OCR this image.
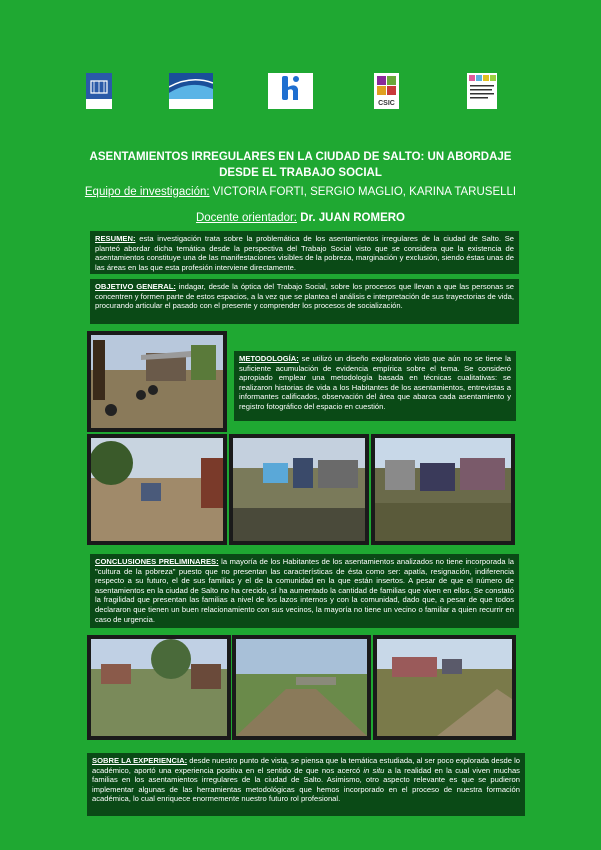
CSIC
ASENTAMIENTOS IRREGULARES EN LA CIUDAD DE SALTO: UN ABORDAJE
DESDE EL TRABAJO SOCIAL
Equipo de investigación: VICTORIA FORTI, SERGIO MAGLIO, KARINA TARUSELLI
Docente orientador: Dr. JUAN ROMERO
RESUMEN: esta investigación trata sobre la problemática de los asentamientos irregulares de la ciudad de Salto. Se planteó abordar dicha temática desde la perspectiva del Trabajo Social visto que se considera que la existencia de asentamientos constituye una de las manifestaciones visibles de la pobreza, marginación y exclusión, siendo éstas unas de las áreas en las que esta profesión interviene directamente.
OBJETIVO GENERAL: indagar, desde la óptica del Trabajo Social, sobre los procesos que llevan a que las personas se concentren y formen parte de estos espacios, a la vez que se plantea el análisis e interpretación de sus trayectorias de vida, procurando articular el pasado con el presente y comprender los procesos de socialización.
METODOLOGÍA: se utilizó un diseño exploratorio visto que aún no se tiene la suficiente acumulación de evidencia empírica sobre el tema. Se consideró apropiado emplear una metodología basada en técnicas cualitativas: se realizaron historias de vida a los Habitantes de los asentamientos, entrevistas a informantes calificados, observación del área que abarca cada asentamiento y registro fotográfico del espacio en cuestión.
CONCLUSIONES PRELIMINARES: la mayoría de los Habitantes de los asentamientos analizados no tiene incorporada la "cultura de la pobreza" puesto que no presentan las características de ésta como ser: apatía, resignación, indiferencia respecto a su futuro, el de sus familias y el de la comunidad en la que están insertos. A pesar de que el número de asentamientos en la ciudad de Salto no ha crecido, sí ha aumentado la cantidad de familias que viven en ellos. Se constató la fragilidad que presentan las familias a nivel de los lazos internos y con la comunidad, dado que, a pesar de que todos declararon que tienen un buen relacionamiento con sus vecinos, la mayoría no tiene un vecino o familiar a quien recurrir en caso de urgencia.
SOBRE LA EXPERIENCIA: desde nuestro punto de vista, se piensa que la temática estudiada, al ser poco explorada desde lo académico, aportó una experiencia positiva en el sentido de que nos acercó in situ a la realidad en la cual viven muchas familias en los asentamientos irregulares de la ciudad de Salto. Asimismo, otro aspecto relevante es que se pudieron implementar algunas de las herramientas metodológicas que hemos incorporado en el proceso de nuestra formación académica, lo cual enriquece enormemente nuestro futuro rol profesional.
